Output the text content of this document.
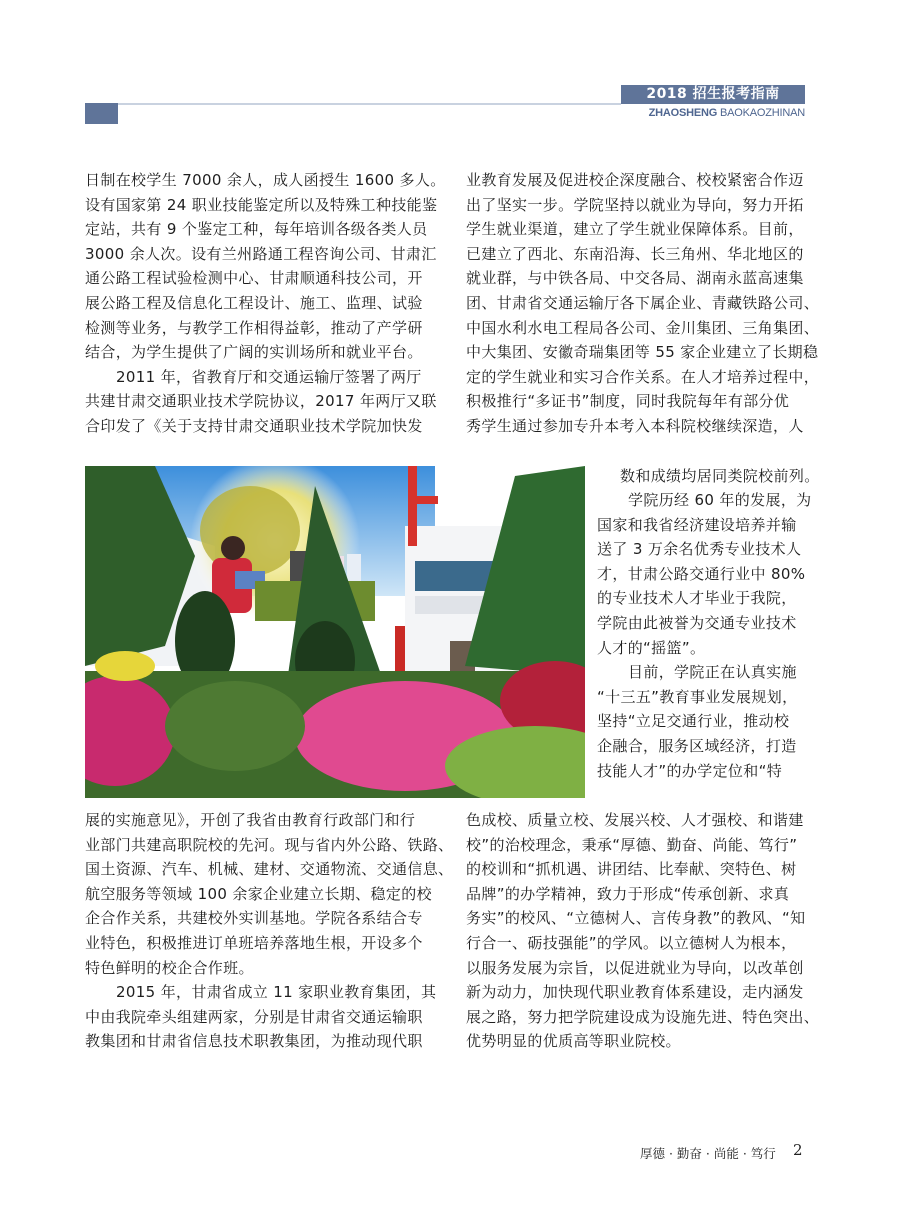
2018 招生报考指南
ZHAOSHENG BAOKAOZHINAN

日制在校学生 7000 余人，成人函授生 1600 多人。

设有国家第 24 职业技能鉴定所以及特殊工种技能鉴

定站，共有 9 个鉴定工种，每年培训各级各类人员

3000 余人次。设有兰州路通工程咨询公司、甘肃汇

通公路工程试验检测中心、甘肃顺通科技公司，开

展公路工程及信息化工程设计、施工、监理、试验

检测等业务，与教学工作相得益彰，推动了产学研

结合，为学生提供了广阔的实训场所和就业平台。

2011 年，省教育厅和交通运输厅签署了两厅

共建甘肃交通职业技术学院协议，2017 年两厅又联

合印发了《关于支持甘肃交通职业技术学院加快发

业教育发展及促进校企深度融合、校校紧密合作迈

出了坚实一步。学院坚持以就业为导向，努力开拓

学生就业渠道，建立了学生就业保障体系。目前，

已建立了西北、东南沿海、长三角州、华北地区的

就业群，与中铁各局、中交各局、湖南永蓝高速集

团、甘肃省交通运输厅各下属企业、青藏铁路公司、

中国水利水电工程局各公司、金川集团、三角集团、

中大集团、安徽奇瑞集团等 55 家企业建立了长期稳

定的学生就业和实习合作关系。在人才培养过程中，

积极推行“多证书”制度，同时我院每年有部分优

秀学生通过参加专升本考入本科院校继续深造，人

数和成绩均居同类院校前列。

学院历经 60 年的发展，为

国家和我省经济建设培养并输

送了 3 万余名优秀专业技术人

才，甘肃公路交通行业中 80%

的专业技术人才毕业于我院，

学院由此被誉为交通专业技术

人才的“摇篮”。

目前，学院正在认真实施

“十三五”教育事业发展规划，

坚持“立足交通行业，推动校

企融合，服务区域经济，打造

技能人才”的办学定位和“特

展的实施意见》，开创了我省由教育行政部门和行

业部门共建高职院校的先河。现与省内外公路、铁路、

国土资源、汽车、机械、建材、交通物流、交通信息、

航空服务等领域 100 余家企业建立长期、稳定的校

企合作关系，共建校外实训基地。学院各系结合专

业特色，积极推进订单班培养落地生根，开设多个

特色鲜明的校企合作班。

2015 年，甘肃省成立 11 家职业教育集团，其

中由我院牵头组建两家，分别是甘肃省交通运输职

教集团和甘肃省信息技术职教集团，为推动现代职

色成校、质量立校、发展兴校、人才强校、和谐建

校”的治校理念，秉承“厚德、勤奋、尚能、笃行”

的校训和“抓机遇、讲团结、比奉献、突特色、树

品牌”的办学精神，致力于形成“传承创新、求真

务实”的校风、“立德树人、言传身教”的教风、“知

行合一、砺技强能”的学风。以立德树人为根本，

以服务发展为宗旨，以促进就业为导向，以改革创

新为动力，加快现代职业教育体系建设，走内涵发

展之路，努力把学院建设成为设施先进、特色突出、

优势明显的优质高等职业院校。

厚德 · 勤奋 · 尚能 · 笃行 2
